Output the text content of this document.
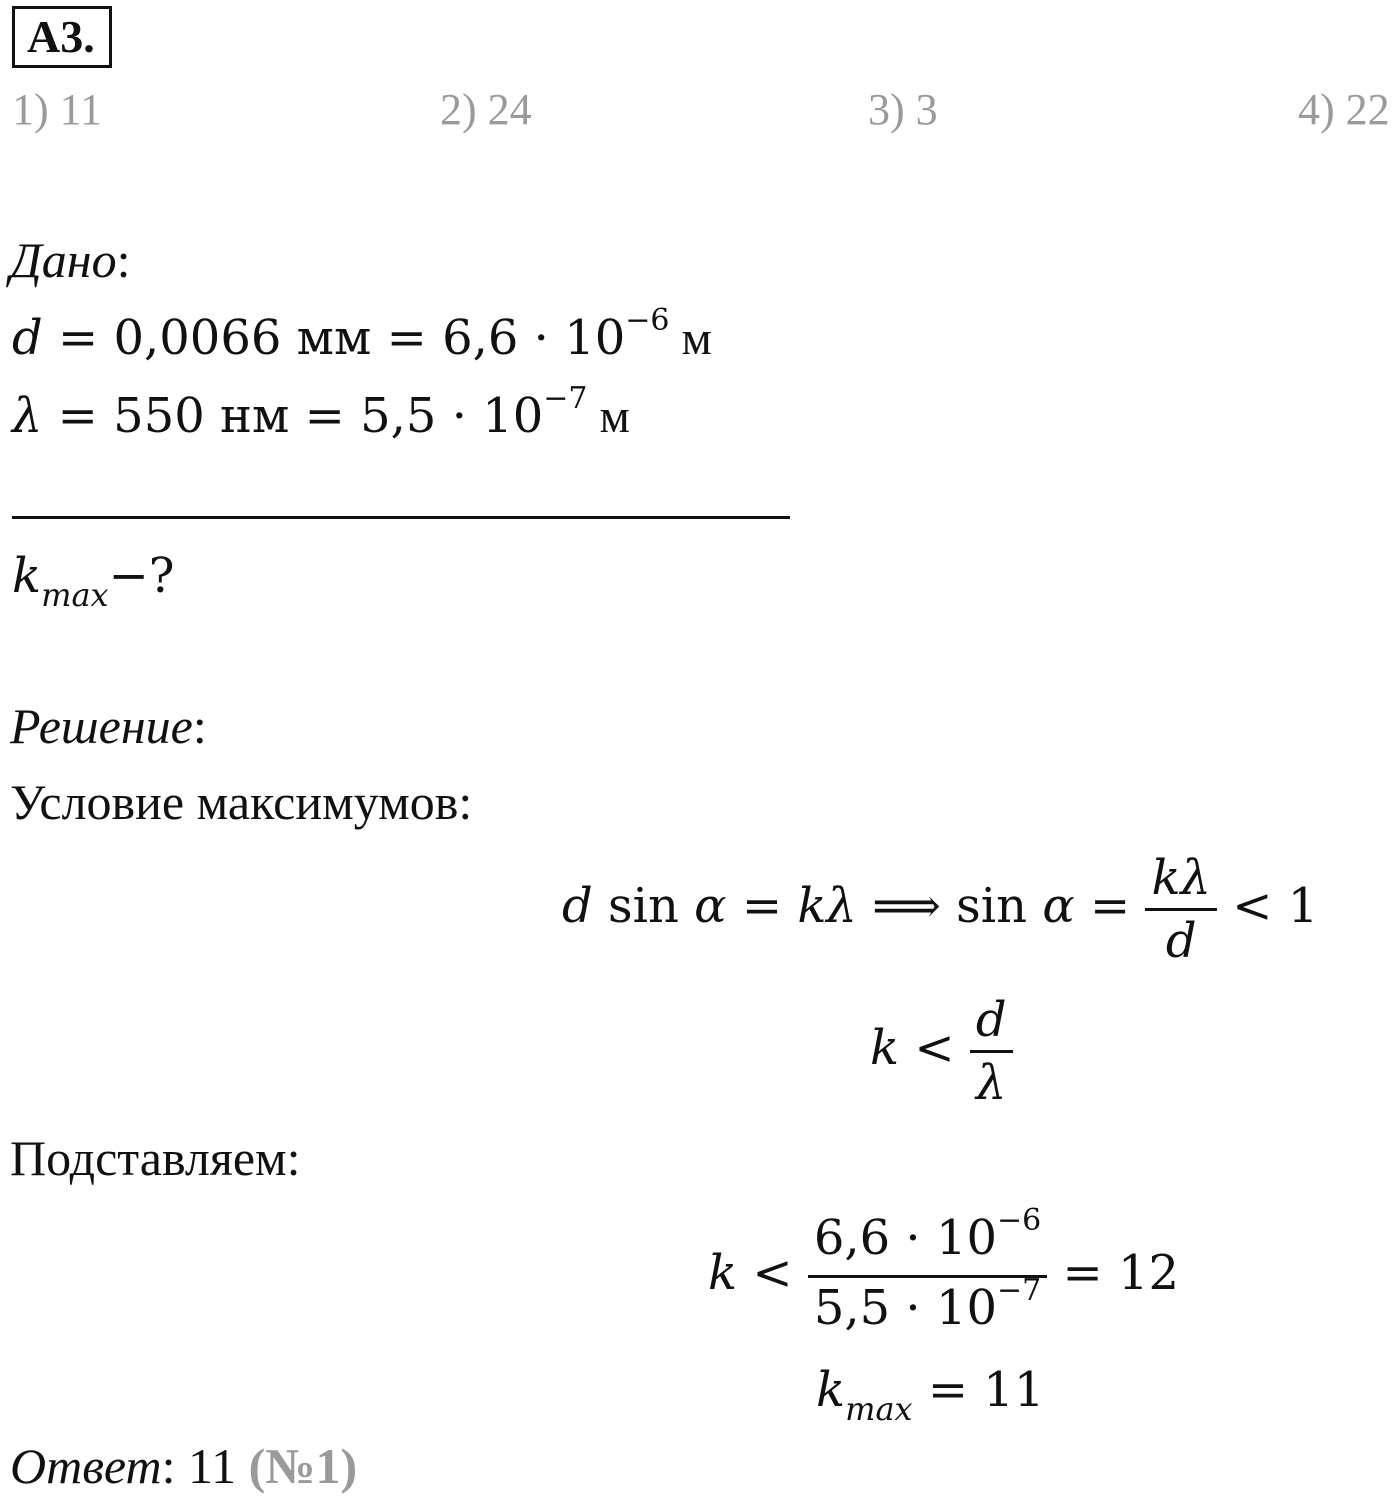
А3.
1) 11	2) 24	3) 3	4) 22
Дано:
d = 0,0066 мм = $6,6 \cdot 10^{-6}$ м
λ = 550 нм = $5,5 \cdot 10^{-7}$ м
$k_{max}-$?
Решение:
Условие максимумов:
d sin α = kλ ⟹ $\sin \alpha = \frac{k\lambda}{d} < 1$
$k < \frac{d}{\lambda}$
Подставляем:
$k < \frac{6,6 \cdot 10^{-6}}{5,5 \cdot 10^{-7}} = 12$
$k_{max} = 11$
Ответ: 11 (№1)
